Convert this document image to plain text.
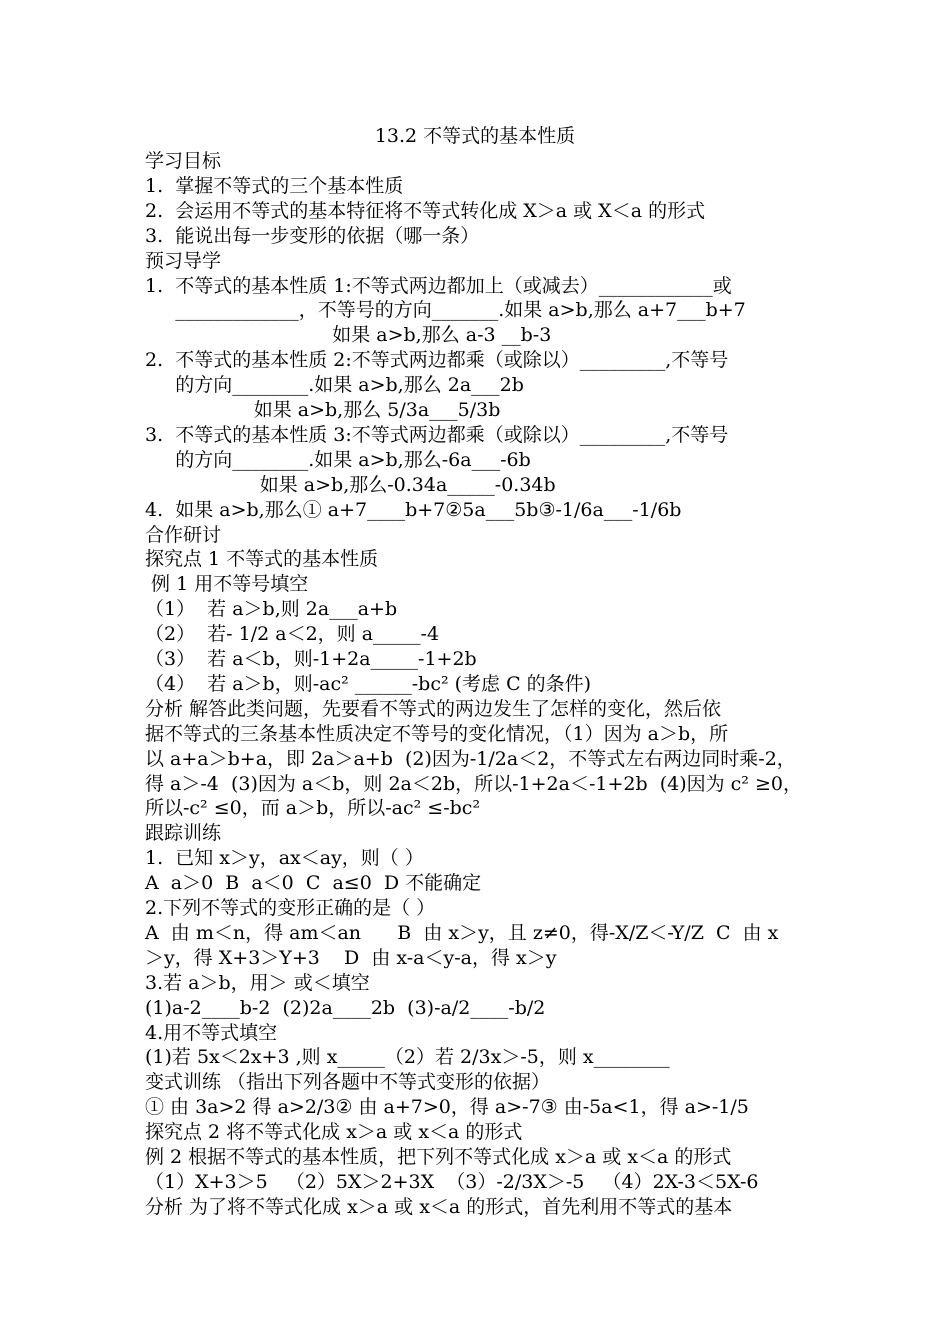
13.2 不等式的基本性质
学习目标
1.  掌握不等式的三个基本性质
2.  会运用不等式的基本特征将不等式转化成 X＞a 或 X＜a 的形式
3.  能说出每一步变形的依据（哪一条）
预习导学
1.  不等式的基本性质 1:不等式两边都加上（或减去）____________或
_____________，不等号的方向_______.如果 a>b,那么 a+7___b+7
如果 a>b,那么 a-3 __b-3
2.  不等式的基本性质 2:不等式两边都乘（或除以）_________,不等号
的方向________.如果 a>b,那么 2a___2b
如果 a>b,那么 5/3a___5/3b
3.  不等式的基本性质 3:不等式两边都乘（或除以）_________,不等号
的方向________.如果 a>b,那么-6a___-6b
如果 a>b,那么-0.34a_____-0.34b
4.  如果 a>b,那么① a+7____b+7②5a___5b③-1/6a___-1/6b
合作研讨
探究点 1 不等式的基本性质
例 1 用不等号填空
（1）  若 a＞b,则 2a___a+b
（2）  若- 1/2 a＜2，则 a_____-4
（3）  若 a＜b，则-1+2a_____-1+2b
（4）  若 a＞b，则-ac² ______-bc² (考虑 C 的条件)
分析 解答此类问题，先要看不等式的两边发生了怎样的变化，然后依
据不等式的三条基本性质决定不等号的变化情况，（1）因为 a＞b，所
以 a+a＞b+a，即 2a＞a+b  (2)因为-1/2a＜2，不等式左右两边同时乘-2，
得 a＞-4  (3)因为 a＜b，则 2a＜2b，所以-1+2a＜-1+2b  (4)因为 c² ≥0，
所以-c² ≤0，而 a＞b，所以-ac² ≤-bc²
跟踪训练
1.  已知 x＞y，ax＜ay，则（ ）
A  a＞0  B  a＜0  C  a≤0  D 不能确定
2.下列不等式的变形正确的是（ ）
A  由 m＜n，得 am＜an      B  由 x＞y，且 z≠0，得-X/Z＜-Y/Z  C  由 x
＞y，得 X+3＞Y+3    D  由 x-a＜y-a，得 x＞y
3.若 a＞b，用＞ 或＜填空
(1)a-2____b-2  (2)2a____2b  (3)-a/2____-b/2
4.用不等式填空
(1)若 5x＜2x+3 ,则 x_____（2）若 2/3x＞-5，则 x________
变式训练 （指出下列各题中不等式变形的依据）
① 由 3a>2 得 a>2/3② 由 a+7>0，得 a>-7③ 由-5a<1，得 a>-1/5
探究点 2 将不等式化成 x＞a 或 x＜a 的形式
例 2 根据不等式的基本性质，把下列不等式化成 x＞a 或 x＜a 的形式
（1）X+3＞5   （2）5X＞2+3X  （3）-2/3X＞-5   （4）2X-3＜5X-6
分析 为了将不等式化成 x＞a 或 x＜a 的形式，首先利用不等式的基本
